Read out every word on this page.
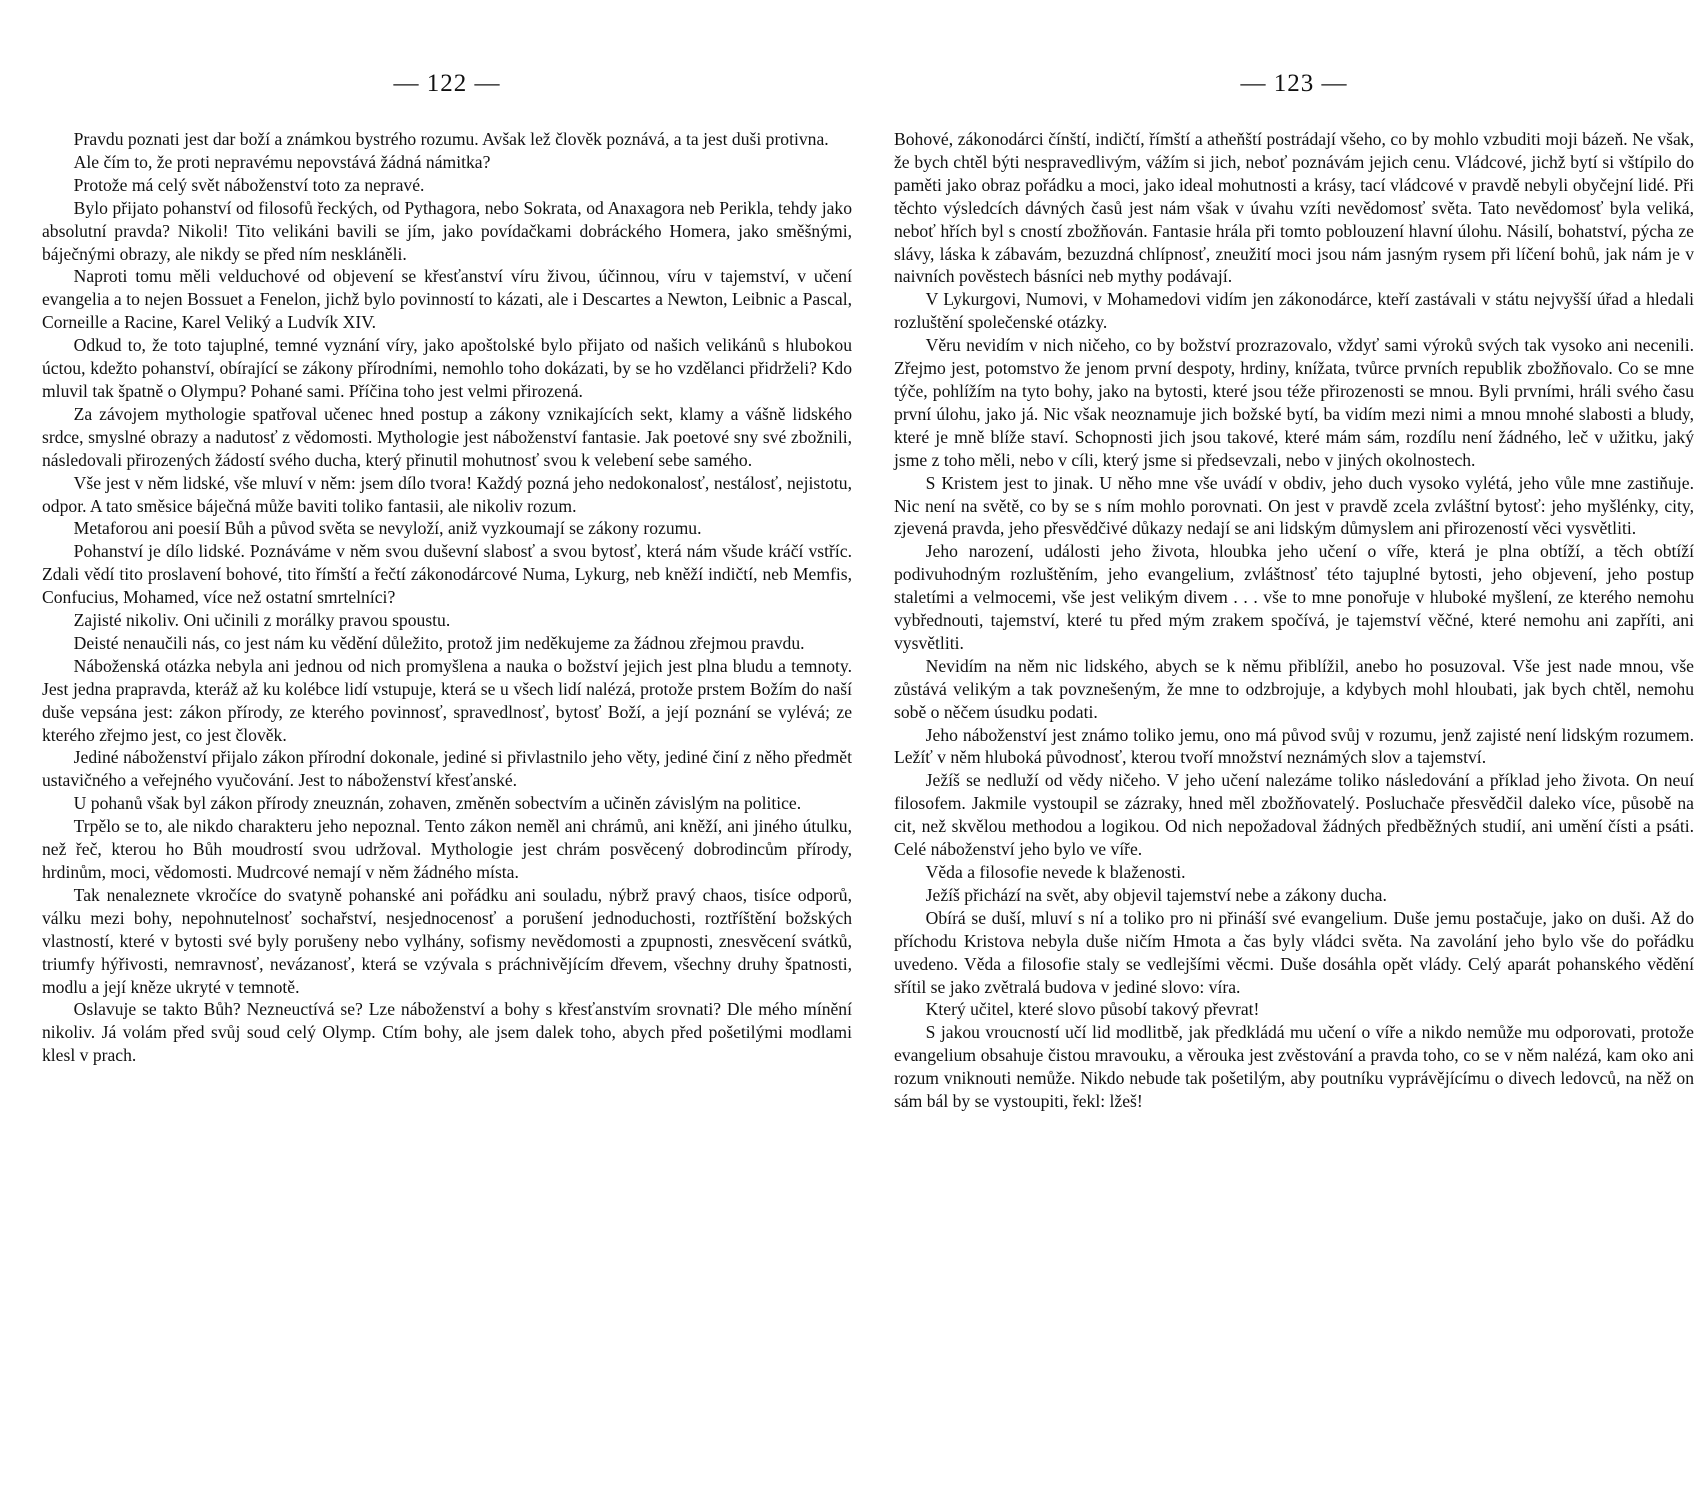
— 122 —

Pravdu poznati jest dar boží a známkou bystrého rozumu. Avšak lež člověk poznává, a ta jest duši protivna.

Ale čím to, že proti nepravému nepovstává žádná námitka?

Protože má celý svět náboženství toto za nepravé.

Bylo přijato pohanství od filosofů řeckých, od Pythagora, nebo Sokrata, od Anaxagora neb Perikla, tehdy jako absolutní pravda? Nikoli! Tito velikáni bavili se jím, jako povídačkami dobráckého Homera, jako směšnými, báječnými obrazy, ale nikdy se před ním neskláněli.

Naproti tomu měli velduchové od objevení se křesťanství víru živou, účinnou, víru v tajemství, v učení evangelia a to nejen Bossuet a Fenelon, jichž bylo povinností to kázati, ale i Descartes a Newton, Leibnic a Pascal, Corneille a Racine, Karel Veliký a Ludvík XIV.

Odkud to, že toto tajuplné, temné vyznání víry, jako apoštolské bylo přijato od našich velikánů s hlubokou úctou, kdežto pohanství, obírající se zákony přírodními, nemohlo toho dokázati, by se ho vzdělanci přidrželi? Kdo mluvil tak špatně o Olympu? Pohané sami. Příčina toho jest velmi přirozená.

Za závojem mythologie spatřoval učenec hned postup a zákony vznikajících sekt, klamy a vášně lidského srdce, smyslné obrazy a nadutosť z vědomosti. Mythologie jest náboženství fantasie. Jak poetové sny své zbožnili, následovali přirozených žádostí svého ducha, který přinutil mohutnosť svou k velebení sebe samého.

Vše jest v něm lidské, vše mluví v něm: jsem dílo tvora! Každý pozná jeho nedokonalosť, nestálosť, nejistotu, odpor. A tato směsice báječná může baviti toliko fantasii, ale nikoliv rozum.

Metaforou ani poesií Bůh a původ světa se nevyloží, aniž vyzkoumají se zákony rozumu.

Pohanství je dílo lidské. Poznáváme v něm svou duševní slabosť a svou bytosť, která nám všude kráčí vstříc. Zdali vědí tito proslavení bohové, tito římští a řečtí zákonodárcové Numa, Lykurg, neb kněží indičtí, neb Memfis, Confucius, Mohamed, více než ostatní smrtelníci?

Zajisté nikoliv. Oni učinili z morálky pravou spoustu.

Deisté nenaučili nás, co jest nám ku vědění důležito, protož jim neděkujeme za žádnou zřejmou pravdu.

Náboženská otázka nebyla ani jednou od nich promyšlena a nauka o božství jejich jest plna bludu a temnoty. Jest jedna prapravda, kteráž až ku kolébce lidí vstupuje, která se u všech lidí nalézá, protože prstem Božím do naší duše vepsána jest: zákon přírody, ze kterého povinnosť, spravedlnosť, bytosť Boží, a její poznání se vylévá; ze kterého zřejmo jest, co jest člověk.

Jediné náboženství přijalo zákon přírodní dokonale, jediné si přivlastnilo jeho věty, jediné činí z něho předmět ustavičného a veřejného vyučování. Jest to náboženství křesťanské.

U pohanů však byl zákon přírody zneuznán, zohaven, změněn sobectvím a učiněn závislým na politice.

Trpělo se to, ale nikdo charakteru jeho nepoznal. Tento zákon neměl ani chrámů, ani kněží, ani jiného útulku, než řeč, kterou ho Bůh moudrostí svou udržoval. Mythologie jest chrám posvěcený dobrodincům přírody, hrdinům, moci, vědomosti. Mudrcové nemají v něm žádného místa.

Tak nenaleznete vkročíce do svatyně pohanské ani pořádku ani souladu, nýbrž pravý chaos, tisíce odporů, válku mezi bohy, nepohnutelnosť sochařství, nesjednocenosť a porušení jednoduchosti, roztříštění božských vlastností, které v bytosti své byly porušeny nebo vylhány, sofismy nevědomosti a zpupnosti, znesvěcení svátků, triumfy hýřivosti, nemravnosť, nevázanosť, která se vzývala s práchnivějícím dřevem, všechny druhy špatnosti, modlu a její kněze ukryté v temnotě.

Oslavuje se takto Bůh? Nezneuctívá se? Lze náboženství a bohy s křesťanstvím srovnati? Dle mého mínění nikoliv. Já volám před svůj soud celý Olymp. Ctím bohy, ale jsem dalek toho, abych před pošetilými modlami klesl v prach.

— 123 —

Bohové, zákonodárci čínští, indičtí, římští a atheňští postrádají všeho, co by mohlo vzbuditi moji bázeň. Ne však, že bych chtěl býti nespravedlivým, vážím si jich, neboť poznávám jejich cenu. Vládcové, jichž bytí si vštípilo do paměti jako obraz pořádku a moci, jako ideal mohutnosti a krásy, tací vládcové v pravdě nebyli obyčejní lidé. Při těchto výsledcích dávných časů jest nám však v úvahu vzíti nevědomosť světa. Tato nevědomosť byla veliká, neboť hřích byl s cností zbožňován. Fantasie hrála při tomto poblouzení hlavní úlohu. Násilí, bohatství, pýcha ze slávy, láska k zábavám, bezuzdná chlípnosť, zneužití moci jsou nám jasným rysem při líčení bohů, jak nám je v naivních pověstech básníci neb mythy podávají.

V Lykurgovi, Numovi, v Mohamedovi vidím jen zákonodárce, kteří zastávali v státu nejvyšší úřad a hledali rozluštění společenské otázky.

Věru nevidím v nich ničeho, co by božství prozrazovalo, vždyť sami výroků svých tak vysoko ani necenili. Zřejmo jest, potomstvo že jenom první despoty, hrdiny, knížata, tvůrce prvních republik zbožňovalo. Co se mne týče, pohlížím na tyto bohy, jako na bytosti, které jsou téže přirozenosti se mnou. Byli prvními, hráli svého času první úlohu, jako já. Nic však neoznamuje jich božské bytí, ba vidím mezi nimi a mnou mnohé slabosti a bludy, které je mně blíže staví. Schopnosti jich jsou takové, které mám sám, rozdílu není žádného, leč v užitku, jaký jsme z toho měli, nebo v cíli, který jsme si předsevzali, nebo v jiných okolnostech.

S Kristem jest to jinak. U něho mne vše uvádí v obdiv, jeho duch vysoko vylétá, jeho vůle mne zastiňuje. Nic není na světě, co by se s ním mohlo porovnati. On jest v pravdě zcela zvláštní bytosť: jeho myšlénky, city, zjevená pravda, jeho přesvědčivé důkazy nedají se ani lidským důmyslem ani přirozeností věci vysvětliti.

Jeho narození, události jeho života, hloubka jeho učení o víře, která je plna obtíží, a těch obtíží podivuhodným rozluštěním, jeho evangelium, zvláštnosť této tajuplné bytosti, jeho objevení, jeho postup staletími a velmocemi, vše jest velikým divem . . . vše to mne ponořuje v hluboké myšlení, ze kterého nemohu vybřednouti, tajemství, které tu před mým zrakem spočívá, je tajemství věčné, které nemohu ani zapříti, ani vysvětliti.

Nevidím na něm nic lidského, abych se k němu přiblížil, anebo ho posuzoval. Vše jest nade mnou, vše zůstává velikým a tak povznešeným, že mne to odzbrojuje, a kdybych mohl hloubati, jak bych chtěl, nemohu sobě o něčem úsudku podati.

Jeho náboženství jest známo toliko jemu, ono má původ svůj v rozumu, jenž zajisté není lidským rozumem. Ležíť v něm hluboká původnosť, kterou tvoří množství neznámých slov a tajemství.

Ježíš se nedluží od vědy ničeho. V jeho učení nalezáme toliko následování a příklad jeho života. On neuí filosofem. Jakmile vystoupil se zázraky, hned měl zbožňovatelý. Posluchače přesvědčil daleko více, působě na cit, než skvělou methodou a logikou. Od nich nepožadoval žádných předběžných studií, ani umění čísti a psáti. Celé náboženství jeho bylo ve víře.

Věda a filosofie nevede k blaženosti.

Ježíš přichází na svět, aby objevil tajemství nebe a zákony ducha.

Obírá se duší, mluví s ní a toliko pro ni přináší své evangelium. Duše jemu postačuje, jako on duši. Až do příchodu Kristova nebyla duše ničím Hmota a čas byly vládci světa. Na zavolání jeho bylo vše do pořádku uvedeno. Věda a filosofie staly se vedlejšími věcmi. Duše dosáhla opět vlády. Celý aparát pohanského vědění sřítil se jako zvětralá budova v jediné slovo: víra.

Který učitel, které slovo působí takový převrat!

S jakou vroucností učí lid modlitbě, jak předkládá mu učení o víře a nikdo nemůže mu odporovati, protože evangelium obsahuje čistou mravouku, a věrouka jest zvěstování a pravda toho, co se v něm nalézá, kam oko ani rozum vniknouti nemůže. Nikdo nebude tak pošetilým, aby poutníku vyprávějícímu o divech ledovců, na něž on sám bál by se vystoupiti, řekl: lžeš!
